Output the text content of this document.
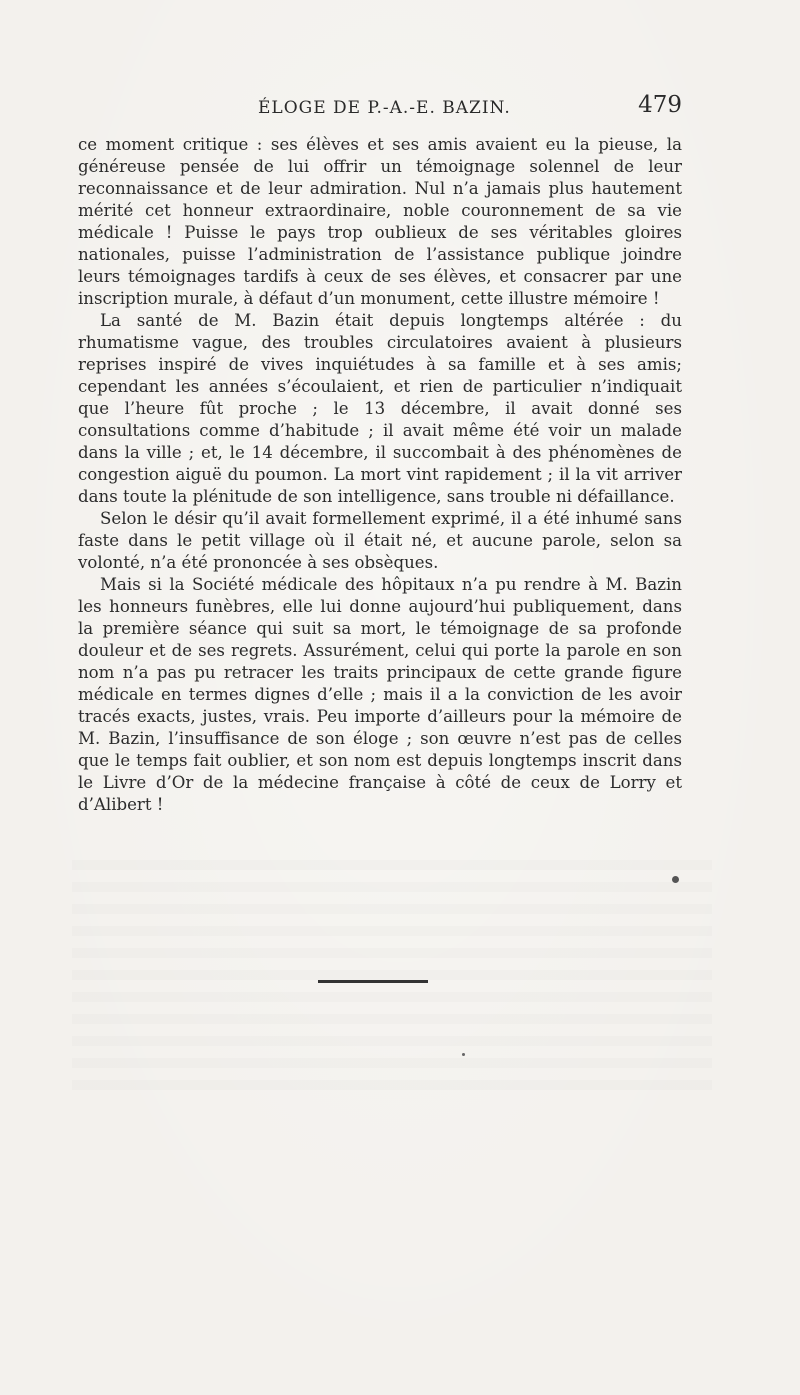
ÉLOGE DE P.-A.-E. BAZIN.	479

ce moment critique : ses élèves et ses amis avaient eu la pieuse, la généreuse pensée de lui offrir un témoignage solennel de leur reconnaissance et de leur admiration. Nul n’a jamais plus hautement mérité cet honneur extraordinaire, noble couronnement de sa vie médicale ! Puisse le pays trop oublieux de ses véritables gloires nationales, puisse l’administration de l’assistance publique joindre leurs témoignages tardifs à ceux de ses élèves, et consacrer par une inscription murale, à défaut d’un monument, cette illustre mémoire !

La santé de M. Bazin était depuis longtemps altérée : du rhumatisme vague, des troubles circulatoires avaient à plusieurs reprises inspiré de vives inquiétudes à sa famille et à ses amis; cependant les années s’écoulaient, et rien de particulier n’indiquait que l’heure fût proche ; le 13 décembre, il avait donné ses consultations comme d’habitude ; il avait même été voir un malade dans la ville ; et, le 14 décembre, il succombait à des phénomènes de congestion aiguë du poumon. La mort vint rapidement ; il la vit arriver dans toute la plénitude de son intelligence, sans trouble ni défaillance.

Selon le désir qu’il avait formellement exprimé, il a été inhumé sans faste dans le petit village où il était né, et aucune parole, selon sa volonté, n’a été prononcée à ses obsèques.

Mais si la Société médicale des hôpitaux n’a pu rendre à M. Bazin les honneurs funèbres, elle lui donne aujourd’hui publiquement, dans la première séance qui suit sa mort, le témoignage de sa profonde douleur et de ses regrets. Assurément, celui qui porte la parole en son nom n’a pas pu retracer les traits principaux de cette grande figure médicale en termes dignes d’elle ; mais il a la conviction de les avoir tracés exacts, justes, vrais. Peu importe d’ailleurs pour la mémoire de M. Bazin, l’insuffisance de son éloge ; son œuvre n’est pas de celles que le temps fait oublier, et son nom est depuis longtemps inscrit dans le Livre d’Or de la médecine française à côté de ceux de Lorry et d’Alibert !
